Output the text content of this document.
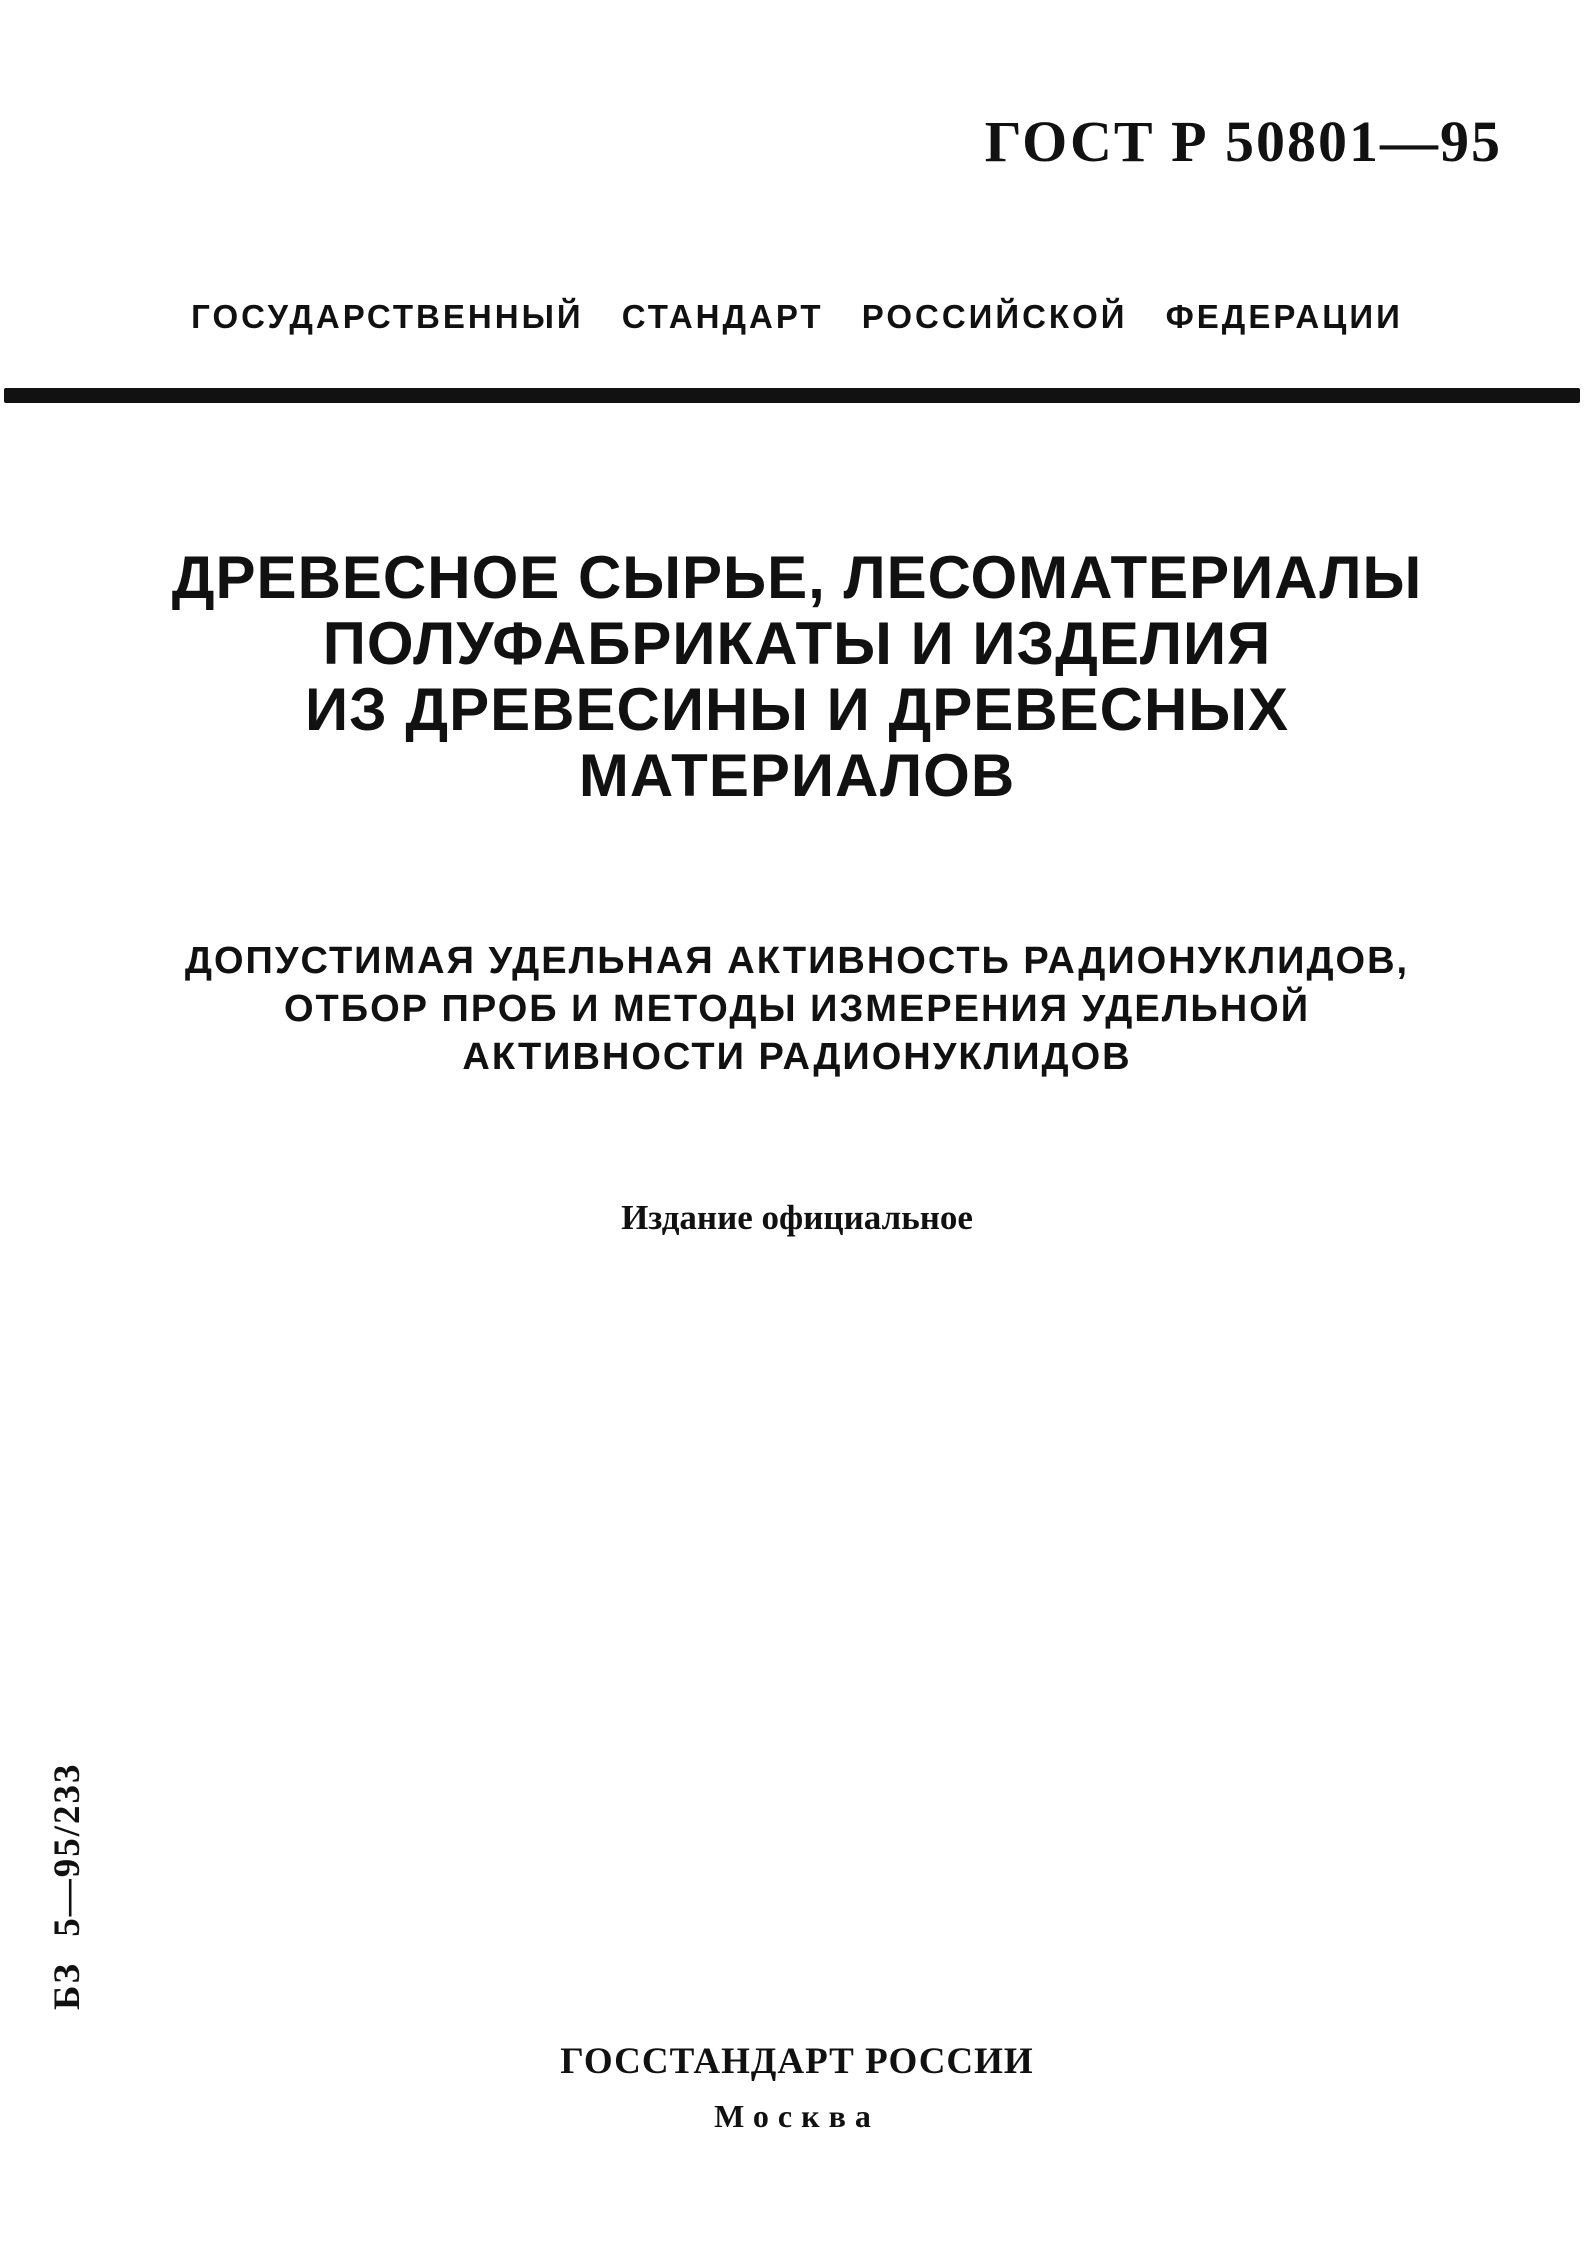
ГОСТ Р 50801—95
ГОСУДАРСТВЕННЫЙ СТАНДАРТ РОССИЙСКОЙ ФЕДЕРАЦИИ
ДРЕВЕСНОЕ СЫРЬЕ, ЛЕСОМАТЕРИАЛЫ
ПОЛУФАБРИКАТЫ И ИЗДЕЛИЯ
ИЗ ДРЕВЕСИНЫ И ДРЕВЕСНЫХ
МАТЕРИАЛОВ
ДОПУСТИМАЯ УДЕЛЬНАЯ АКТИВНОСТЬ РАДИОНУКЛИДОВ,
ОТБОР ПРОБ И МЕТОДЫ ИЗМЕРЕНИЯ УДЕЛЬНОЙ
АКТИВНОСТИ РАДИОНУКЛИДОВ
Издание официальное
БЗ 5—95/233
ГОССТАНДАРТ РОССИИ
Москва
